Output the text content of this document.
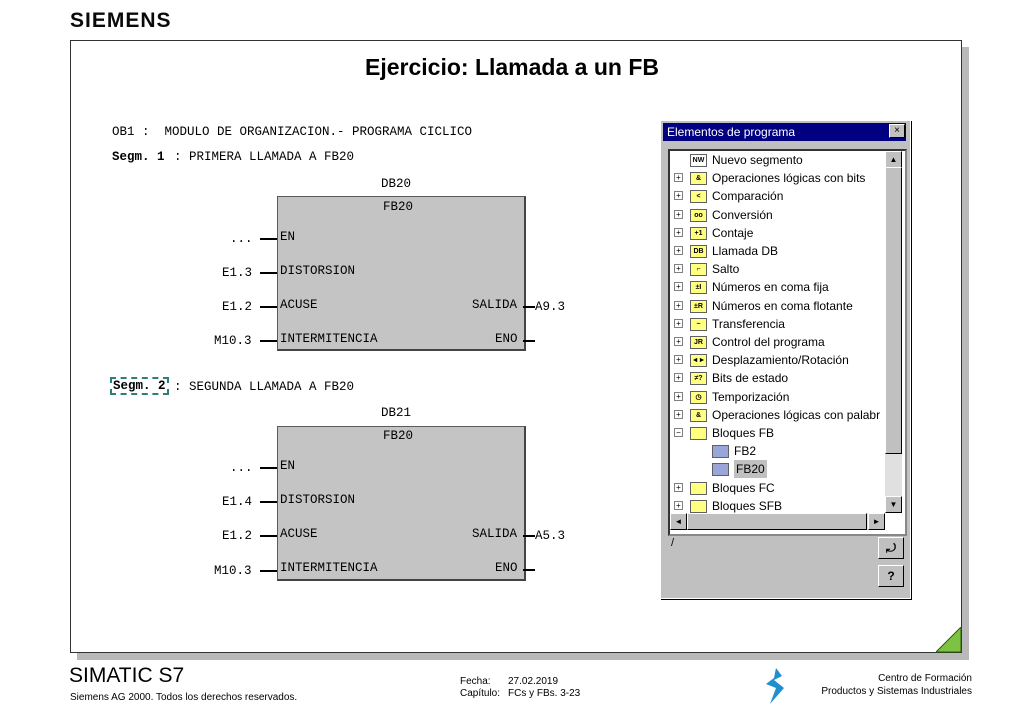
SIEMENS
Ejercicio: Llamada a un FB
OB1 :  MODULO DE ORGANIZACION.- PROGRAMA CICLICO
Segm. 1 : PRIMERA LLAMADA A FB20
DB20
FB20
EN
DISTORSION
ACUSE
INTERMITENCIA
SALIDA
ENO
...
E1.3
E1.2
M10.3
A9.3
Segm. 2 : SEGUNDA LLAMADA A FB20
DB21
FB20
EN
DISTORSION
ACUSE
INTERMITENCIA
SALIDA
ENO
...
E1.4
E1.2
M10.3
A5.3
Elementos de programa	×
NW Nuevo segmento
+	& Operaciones lógicas con bits
+	< Comparación
+	oo Conversión
+	+1 Contaje
+	DB Llamada DB
+	⌐ Salto
+	±I Números en coma fija
+	±R Números en coma flotante
+	~ Transferencia
+	JR Control del programa
+	◄► Desplazamiento/Rotación
+	≠? Bits de estado
+	◷ Temporización
+	& Operaciones lógicas con palabr
−	Bloques FB
FB2
FB20
+	Bloques FC
+	Bloques SFB
▲
▼
◄	►
/	⤾
?
SIMATIC S7
Siemens AG 2000. Todos los derechos reservados.
Fecha: 27.02.2019
Capítulo: FCs y FBs. 3-23
Centro de Formación
Productos y Sistemas Industriales
